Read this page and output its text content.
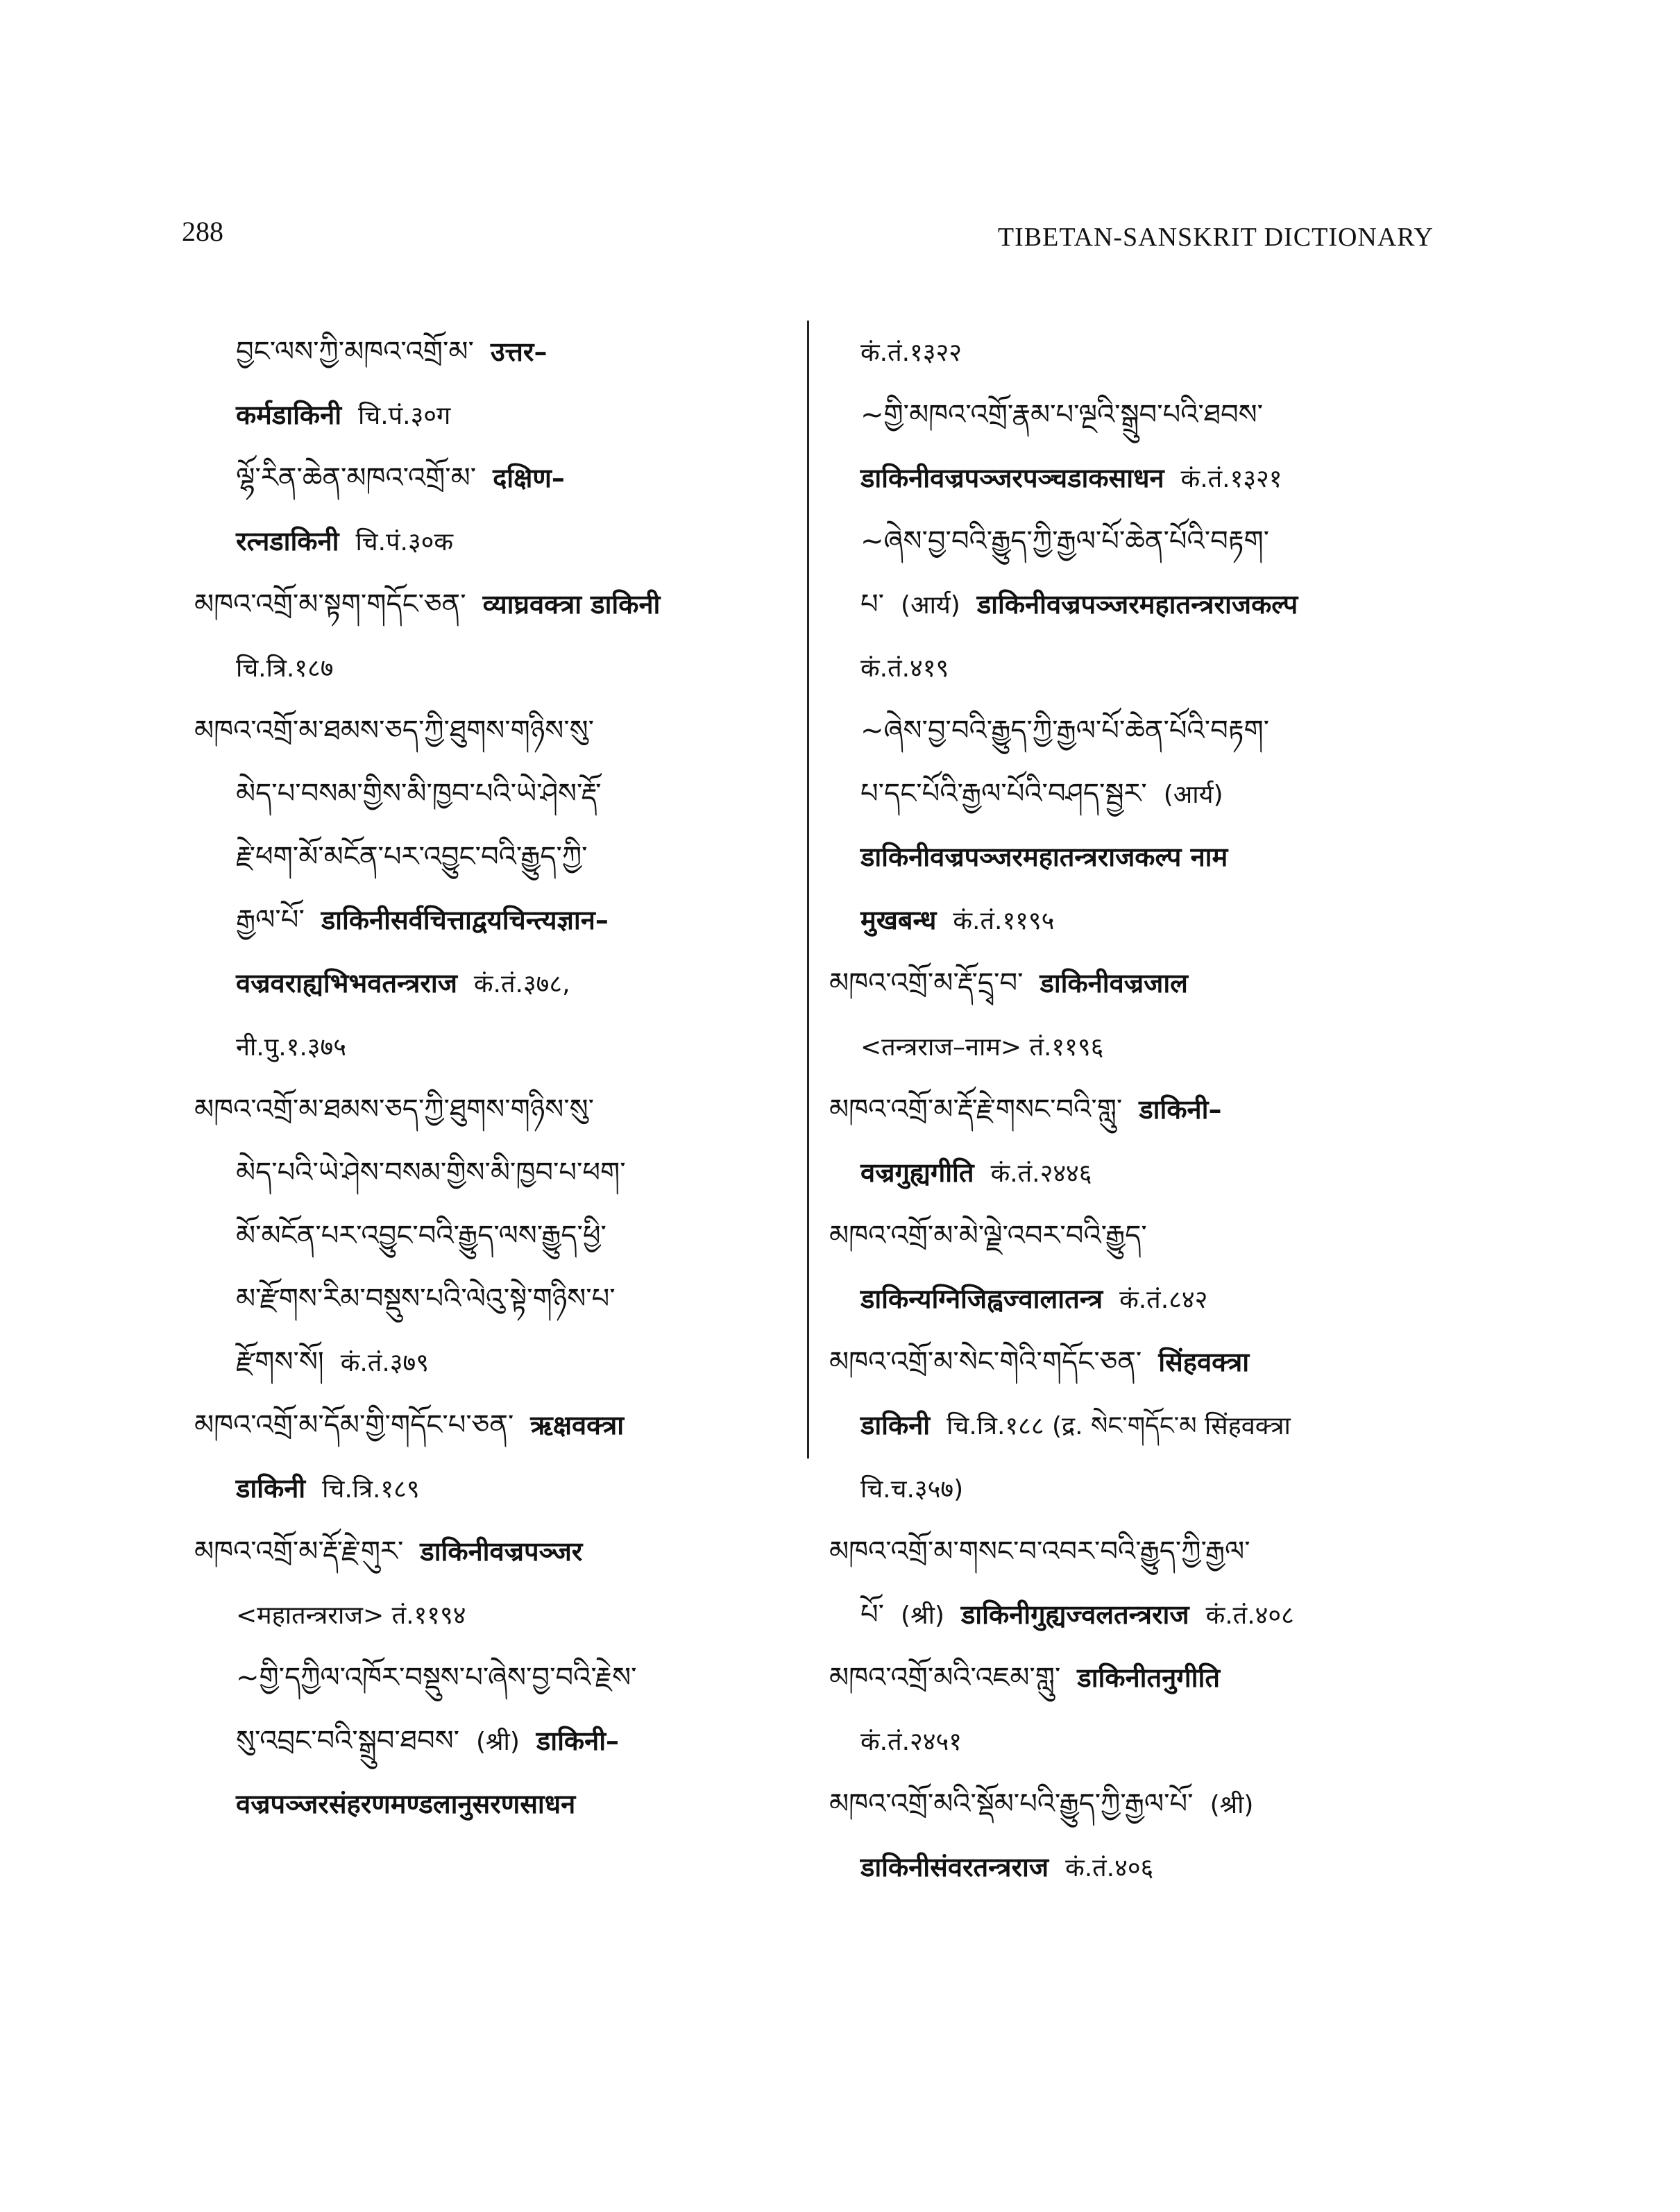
288	TIBETAN-SANSKRIT DICTIONARY
བྱང་ལས་ཀྱི་མཁའ་འགྲོ་མ་ उत्तर–
कर्मडाकिनी चि.पं.३०ग
ལྷོ་རིན་ཆེན་མཁའ་འགྲོ་མ་ दक्षिण–
रत्नडाकिनी चि.पं.३०क
མཁའ་འགྲོ་མ་སྟག་གདོང་ཅན་ व्याघ्रवक्त्रा डाकिनी
चि.त्रि.१८७
མཁའ་འགྲོ་མ་ཐམས་ཅད་ཀྱི་ཐུགས་གཉིས་སུ་
མེད་པ་བསམ་གྱིས་མི་ཁྱབ་པའི་ཡེ་ཤེས་རྡོ་
རྗེ་ཕག་མོ་མངོན་པར་འབྱུང་བའི་རྒྱུད་ཀྱི་
རྒྱལ་པོ་ डाकिनीसर्वचित्ताद्वयचिन्त्यज्ञान–
वज्रवराह्यभिभवतन्त्रराज कं.तं.३७८,
नी.पु.१.३७५
མཁའ་འགྲོ་མ་ཐམས་ཅད་ཀྱི་ཐུགས་གཉིས་སུ་
མེད་པའི་ཡེ་ཤེས་བསམ་གྱིས་མི་ཁྱབ་པ་ཕག་
མོ་མངོན་པར་འབྱུང་བའི་རྒྱུད་ལས་རྒྱུད་ཕྱི་
མ་རྫོགས་རིམ་བསྡུས་པའི་ལེའུ་སྟེ་གཉིས་པ་
རྫོགས་སོ། कं.तं.३७९
མཁའ་འགྲོ་མ་དོམ་གྱི་གདོང་པ་ཅན་ ऋक्षवक्त्रा
डाकिनी चि.त्रि.१८९
མཁའ་འགྲོ་མ་རྡོ་རྗེ་གུར་ डाकिनीवज्रपञ्जर
<महातन्त्रराज> तं.११९४
~གྱི་དཀྱིལ་འཁོར་བསྡུས་པ་ཞེས་བྱ་བའི་རྗེས་
སུ་འབྲང་བའི་སྒྲུབ་ཐབས་ (श्री) डाकिनी–
वज्रपञ्जरसंहरणमण्डलानुसरणसाधन
कं.तं.१३२२
~གྱི་མཁའ་འགྲོ་རྣམ་པ་ལྔའི་སྒྲུབ་པའི་ཐབས་
डाकिनीवज्रपञ्जरपञ्चडाकसाधन कं.तं.१३२१
~ཞེས་བྱ་བའི་རྒྱུད་ཀྱི་རྒྱལ་པོ་ཆེན་པོའི་བརྟག་
པ་ (आर्य) डाकिनीवज्रपञ्जरमहातन्त्रराजकल्प
कं.तं.४१९
~ཞེས་བྱ་བའི་རྒྱུད་ཀྱི་རྒྱལ་པོ་ཆེན་པོའི་བརྟག་
པ་དང་པོའི་རྒྱལ་པོའི་བཤད་སྦྱར་ (आर्य)
डाकिनीवज्रपञ्जरमहातन्त्रराजकल्प नाम
मुखबन्ध कं.तं.११९५
མཁའ་འགྲོ་མ་རྡོ་དྲྭ་བ་ डाकिनीवज्रजाल
<तन्त्रराज–नाम> तं.११९६
མཁའ་འགྲོ་མ་རྡོ་རྗེ་གསང་བའི་གླུ་ डाकिनी–
वज्रगुह्यगीति कं.तं.२४४६
མཁའ་འགྲོ་མ་མེ་ལྗེ་འབར་བའི་རྒྱུད་
डाकिन्यग्निजिह्वज्वालातन्त्र कं.तं.८४२
མཁའ་འགྲོ་མ་སེང་གེའི་གདོང་ཅན་ सिंहवक्त्रा
डाकिनी चि.त्रि.१८८ (द्र. སེང་གདོང་མ सिंहवक्त्रा
चि.च.३५७)
མཁའ་འགྲོ་མ་གསང་བ་འབར་བའི་རྒྱུད་ཀྱི་རྒྱལ་
པོ་ (श्री) डाकिनीगुह्यज्वलतन्त्रराज कं.तं.४०८
མཁའ་འགྲོ་མའི་འཇམ་གླུ་ डाकिनीतनुगीति
कं.तं.२४५१
མཁའ་འགྲོ་མའི་སྡོམ་པའི་རྒྱུད་ཀྱི་རྒྱལ་པོ་ (श्री)
डाकिनीसंवरतन्त्रराज कं.तं.४०६
